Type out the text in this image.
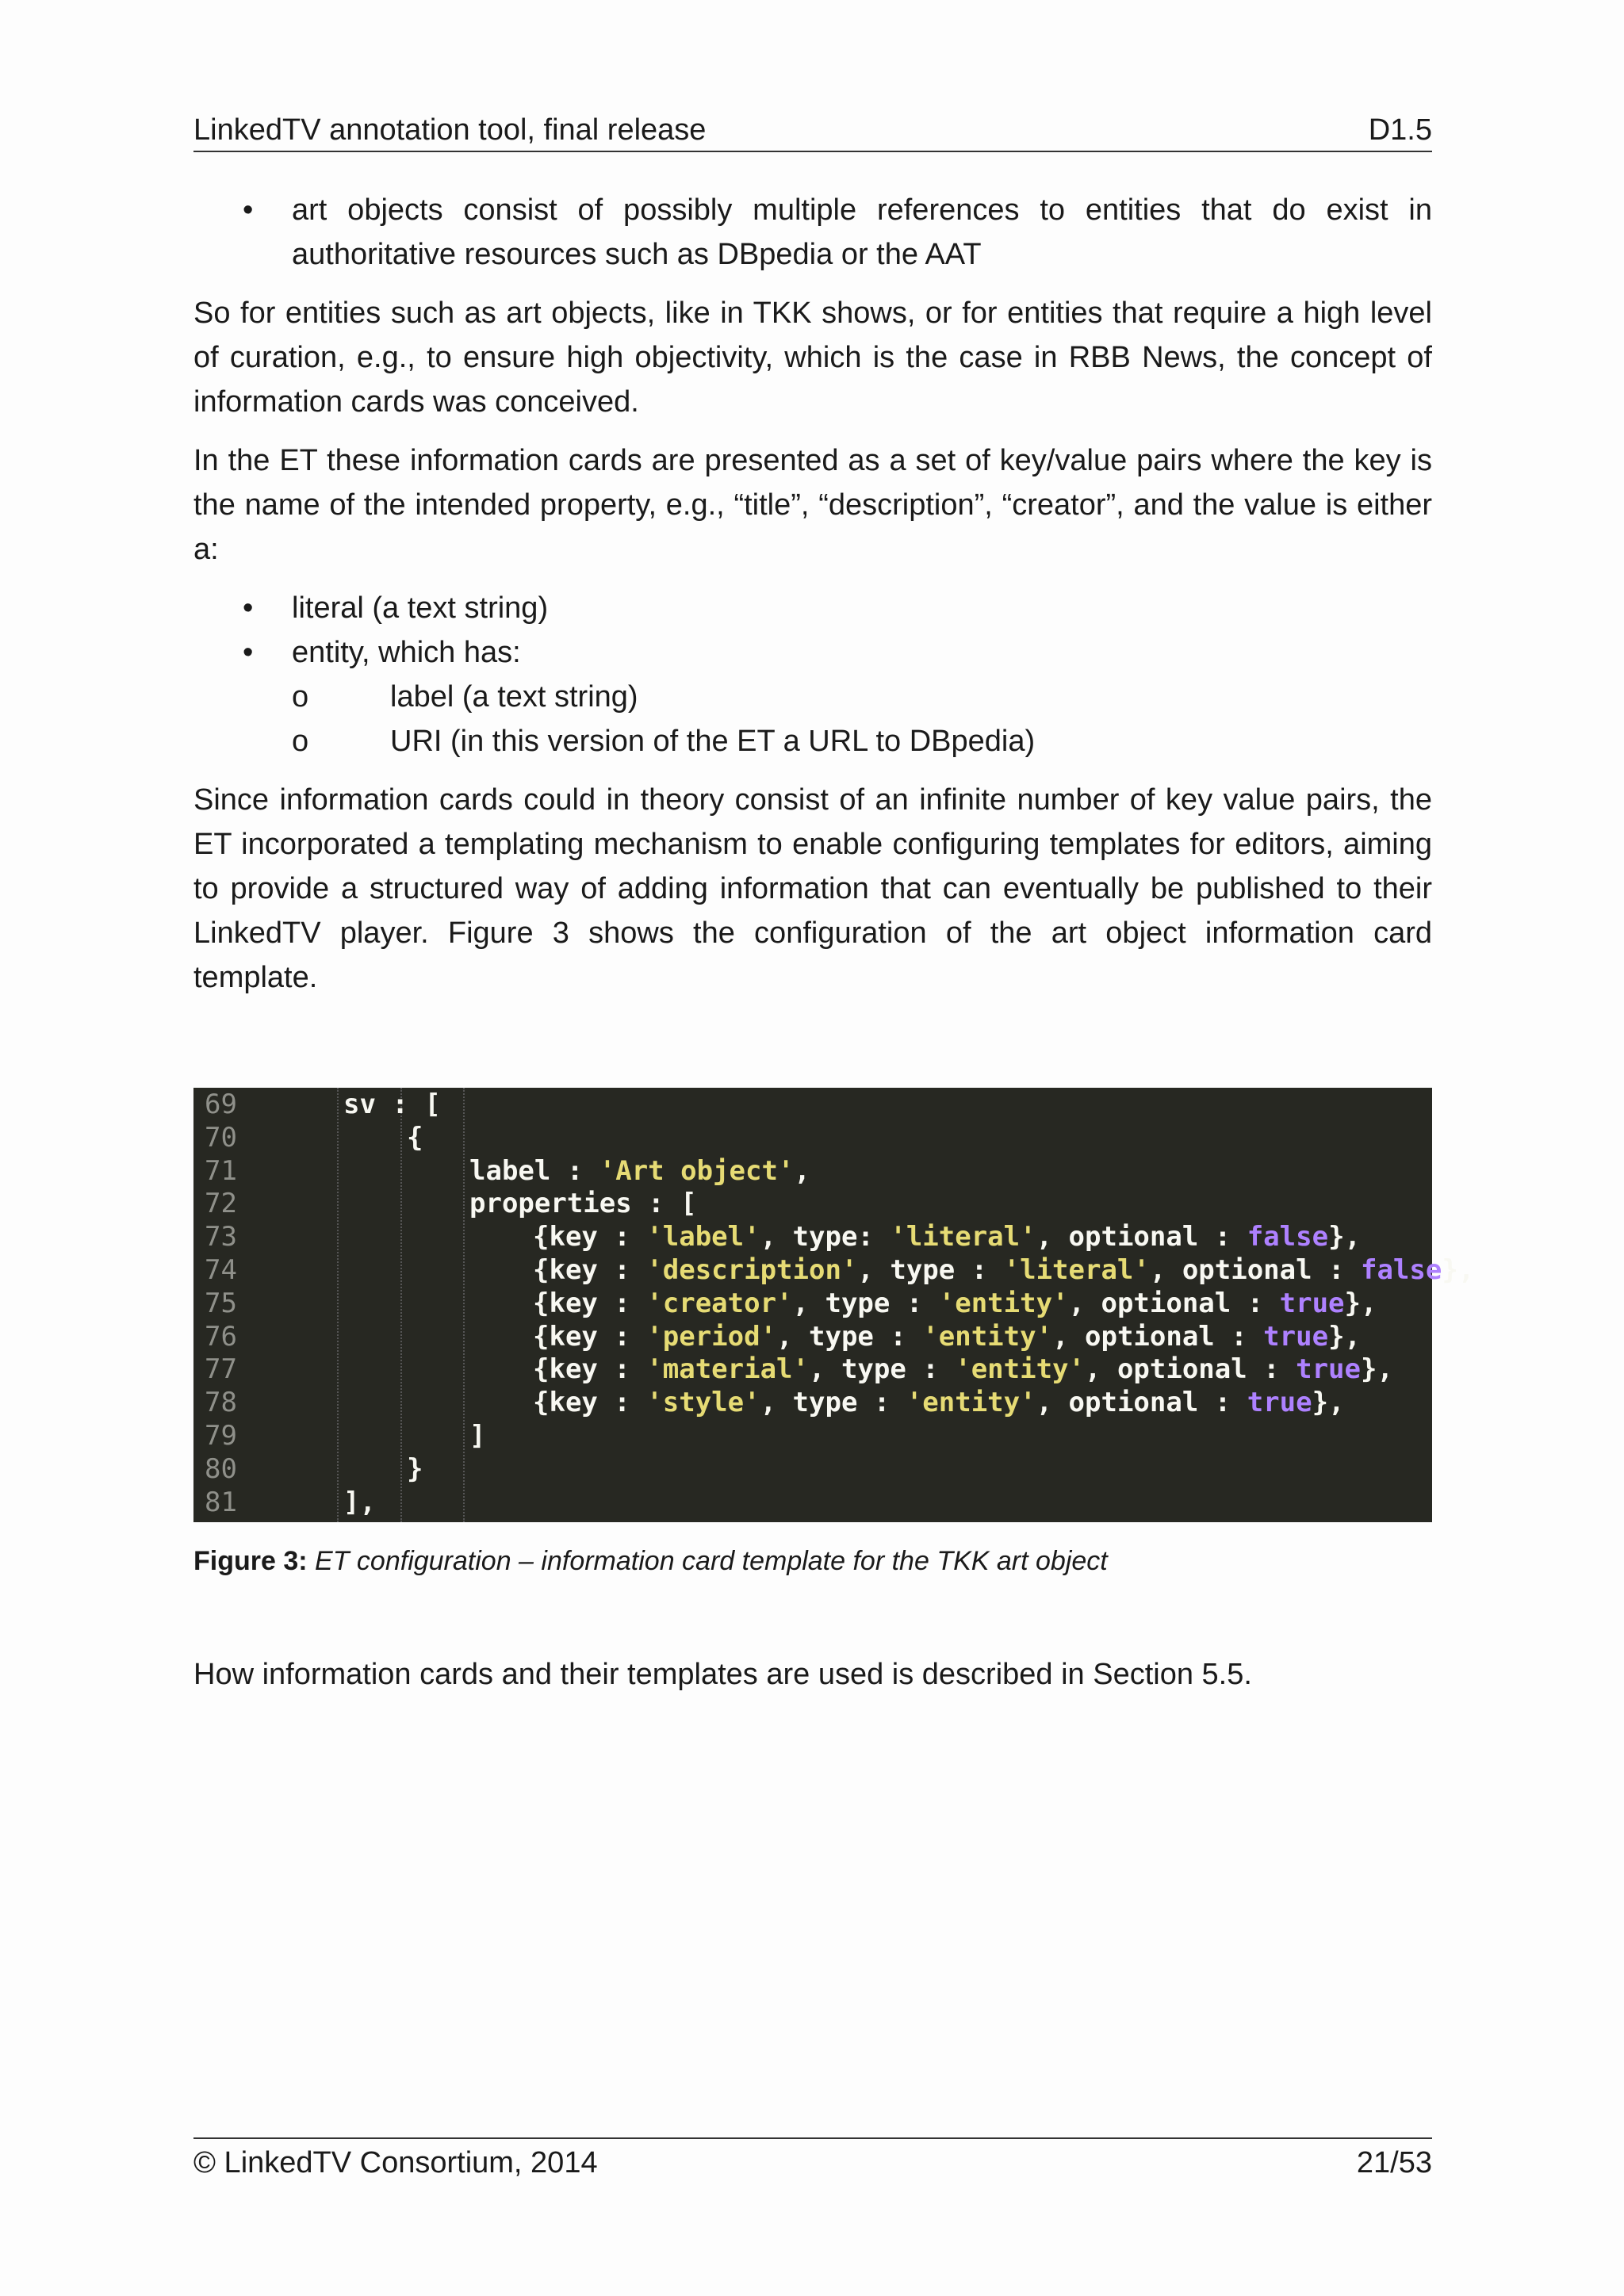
LinkedTV annotation tool, final release	D1.5
• art objects consist of possibly multiple references to entities that do exist in authoritative resources such as DBpedia or the AAT

So for entities such as art objects, like in TKK shows, or for entities that require a high level of curation, e.g., to ensure high objectivity, which is the case in RBB News, the concept of information cards was conceived.

In the ET these information cards are presented as a set of key/value pairs where the key is the name of the intended property, e.g., “title”, “description”, “creator”, and the value is either a:

• literal (a text string)
• entity, which has:
o	label (a text string)
o	URI (in this version of the ET a URL to DBpedia)

Since information cards could in theory consist of an infinite number of key value pairs, the ET incorporated a templating mechanism to enable configuring templates for editors, aiming to provide a structured way of adding information that can eventually be published to their LinkedTV player. Figure 3 shows the configuration of the art object information card template.

69	sv : [
70	{
71	label : 'Art object',
72	properties : [
73	{key : 'label', type: 'literal', optional : false},
74	{key : 'description', type : 'literal', optional : false},
75	{key : 'creator', type : 'entity', optional : true},
76	{key : 'period', type : 'entity', optional : true},
77	{key : 'material', type : 'entity', optional : true},
78	{key : 'style', type : 'entity', optional : true},
79	]
80	}
81	],
Figure 3: ET configuration – information card template for the TKK art object
How information cards and their templates are used is described in Section 5.5.
© LinkedTV Consortium, 2014	21/53
